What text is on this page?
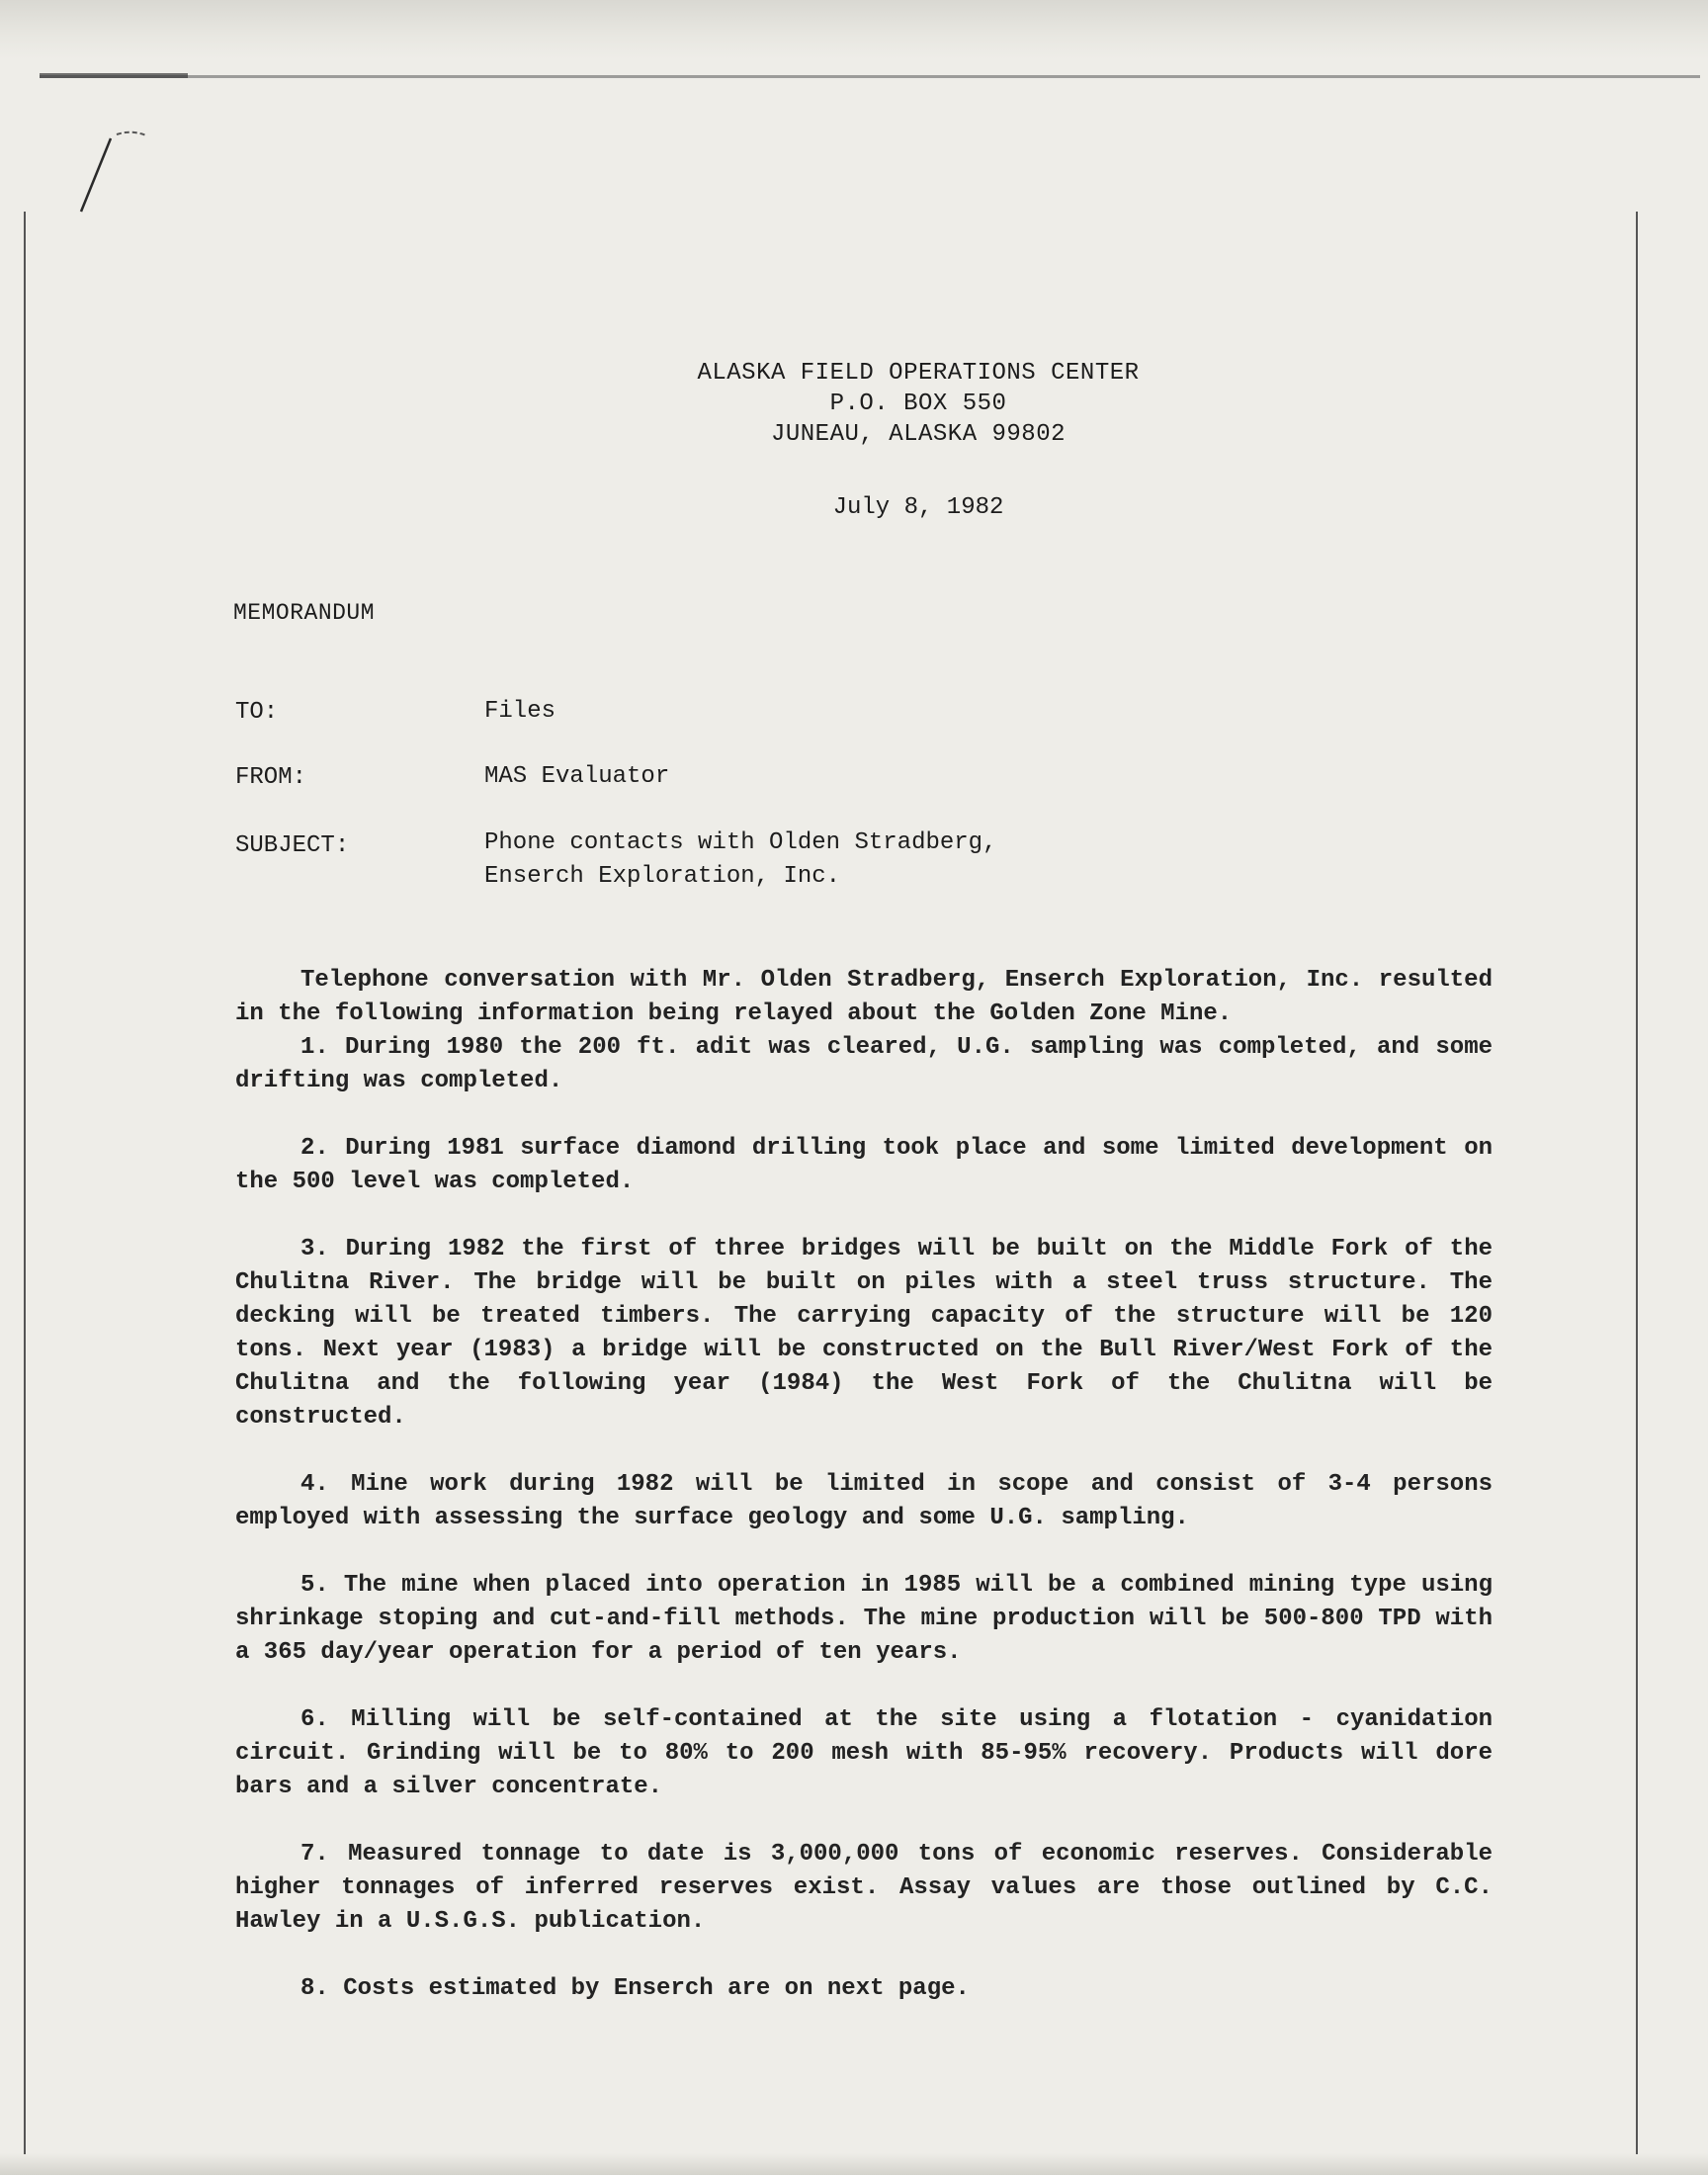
ALASKA FIELD OPERATIONS CENTER
P.O. BOX 550
JUNEAU, ALASKA 99802
July 8, 1982
MEMORANDUM
TO:	Files
FROM:	MAS Evaluator
SUBJECT:	Phone contacts with Olden Stradberg,
Enserch Exploration, Inc.

Telephone conversation with Mr. Olden Stradberg, Enserch Exploration, Inc. resulted in the following information being relayed about the Golden Zone Mine.

1. During 1980 the 200 ft. adit was cleared, U.G. sampling was completed, and some drifting was completed.

2. During 1981 surface diamond drilling took place and some limited development on the 500 level was completed.

3. During 1982 the first of three bridges will be built on the Middle Fork of the Chulitna River. The bridge will be built on piles with a steel truss structure. The decking will be treated timbers. The carrying capacity of the structure will be 120 tons. Next year (1983) a bridge will be constructed on the Bull River/West Fork of the Chulitna and the following year (1984) the West Fork of the Chulitna will be constructed.

4. Mine work during 1982 will be limited in scope and consist of 3-4 persons employed with assessing the surface geology and some U.G. sampling.

5. The mine when placed into operation in 1985 will be a combined mining type using shrinkage stoping and cut-and-fill methods. The mine production will be 500-800 TPD with a 365 day/year operation for a period of ten years.

6. Milling will be self-contained at the site using a flotation - cyanidation circuit. Grinding will be to 80% to 200 mesh with 85-95% recovery. Products will dore bars and a silver concentrate.

7. Measured tonnage to date is 3,000,000 tons of economic reserves. Considerable higher tonnages of inferred reserves exist. Assay values are those outlined by C.C. Hawley in a U.S.G.S. publication.

8. Costs estimated by Enserch are on next page.
